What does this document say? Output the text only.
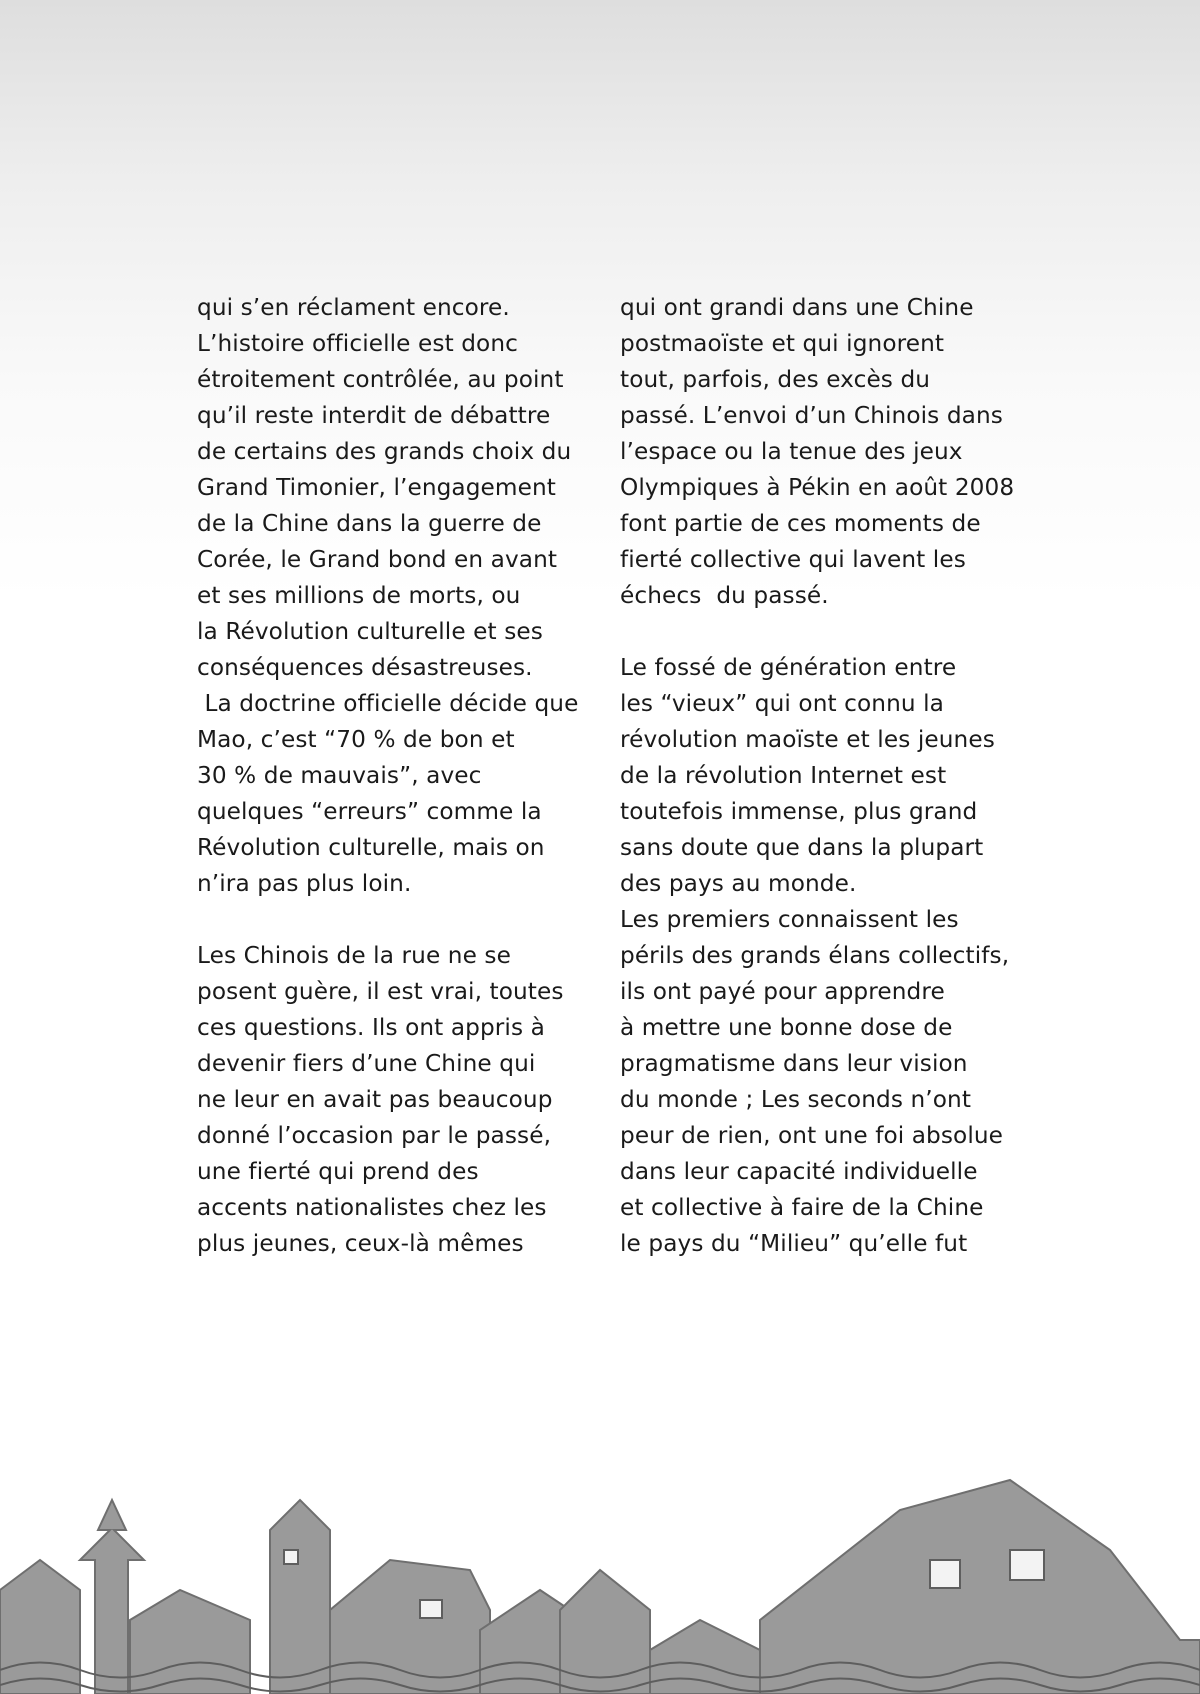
qui s’en réclament encore.
L’histoire officielle est donc
étroitement contrôlée, au point
qu’il reste interdit de débattre
de certains des grands choix du
Grand Timonier, l’engagement
de la Chine dans la guerre de
Corée, le Grand bond en avant
et ses millions de morts, ou
la Révolution culturelle et ses
conséquences désastreuses.
La doctrine officielle décide que
Mao, c’est “70 % de bon et
30 % de mauvais”, avec
quelques “erreurs” comme la
Révolution culturelle, mais on
n’ira pas plus loin.
Les Chinois de la rue ne se
posent guère, il est vrai, toutes
ces questions. Ils ont appris à
devenir fiers d’une Chine qui
ne leur en avait pas beaucoup
donné l’occasion par le passé,
une fierté qui prend des
accents nationalistes chez les
plus jeunes, ceux-là mêmes
qui ont grandi dans une Chine
postmaoïste et qui ignorent
tout, parfois, des excès du
passé. L’envoi d’un Chinois dans
l’espace ou la tenue des jeux
Olympiques à Pékin en août 2008
font partie de ces moments de
fierté collective qui lavent les
échecs  du passé.
Le fossé de génération entre
les “vieux” qui ont connu la
révolution maoïste et les jeunes
de la révolution Internet est
toutefois immense, plus grand
sans doute que dans la plupart
des pays au monde.
Les premiers connaissent les
périls des grands élans collectifs,
ils ont payé pour apprendre
à mettre une bonne dose de
pragmatisme dans leur vision
du monde ; Les seconds n’ont
peur de rien, ont une foi absolue
dans leur capacité individuelle
et collective à faire de la Chine
le pays du “Milieu” qu’elle fut
